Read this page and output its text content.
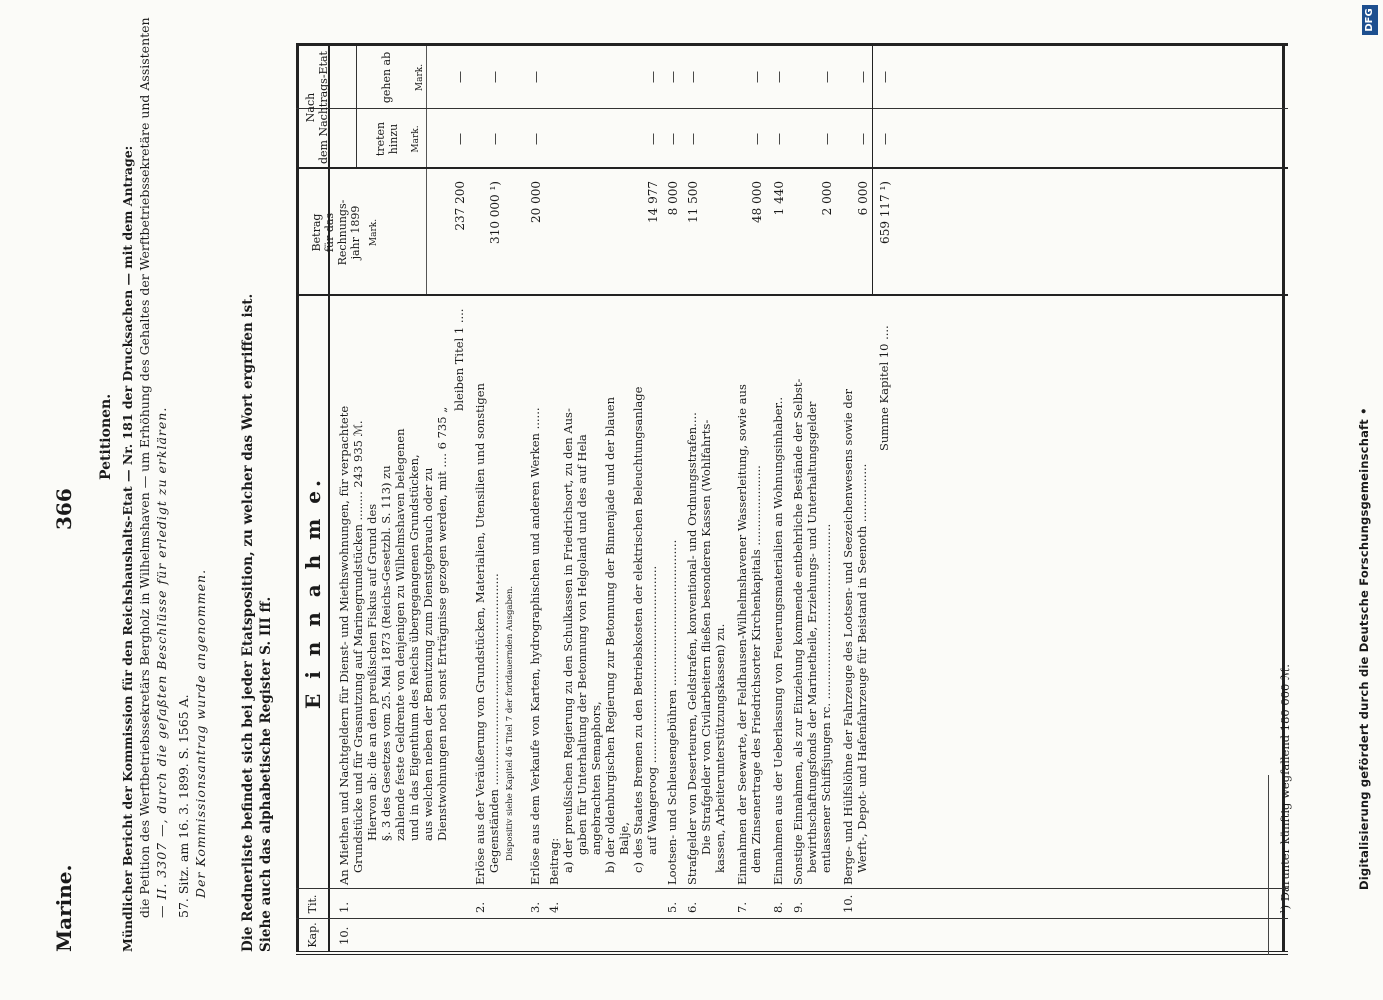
Marine.
366
Petitionen. Mündlicher Bericht der Kommission für den Reichshaushalts-Etat — Nr. 181 der Drucksachen — mit dem Antrage: die Petition des Werftbetriebssekretärs Bergholz in Wilhelmshaven — um Erhöhung des Gehaltes der Werftbetriebssekretäre und Assistenten — II. 3307 —, durch die gefaßten Beschlüsse für erledigt zu erklären. 57. Sitz. am 16. 3. 1899. S. 1565 A. Der Kommissionsantrag wurde angenommen. Die Rednerliste befindet sich bei jeder Etatsposition, zu welcher das Wort ergriffen ist. Siehe auch das alphabetische Register S. III ff.	Kap.
Tit.
E i n n a h m e.
Betrag für das Rechnungs- jahr 1899 Mark.
Nach dem Nachtrags-Etat	treten hinzu Mark.
gehen ab Mark.
10.
1.
An Miethen und Nachtgeldern für Dienst- und Miethswohnungen, für verpachtete Grundstücke und für Grasnutzung auf Marinegrundstücken ........ 243 935 ℳ. Hiervon ab: die an den preußischen Fiskus auf Grund des §. 3 des Gesetzes vom 25. Mai 1873 (Reichs-Gesetzbl. S. 113) zu zahlende feste Geldrente von denjenigen zu Wilhelmshaven belegenen und in das Eigenthum des Reichs übergegangenen Grundstücken, aus welchen neben der Benutzung zum Dienstgebrauch oder zu Dienstwohnungen noch sonst Erträgnisse gezogen werden, mit .... 6 735 „
bleiben Titel 1 ....
237 200
—
—
2.
Erlöse aus der Veräußerung von Grundstücken, Materialien, Utensilien und sonstigen Gegenständen .......................................................... Dispositiv siehe Kapitel 46 Titel 7 der fortdauernden Ausgaben.
310 000 ¹)
—
—
3.
Erlöse aus dem Verkaufe von Karten, hydrographischen und anderen Werken ......
20 000
—
—
4.
Beitrag: a) der preußischen Regierung zu den Schulkassen in Friedrichsort, zu den Aus- gaben für Unterhaltung der Betonnung von Helgoland und des auf Hela angebrachten Semaphors, b) der oldenburgischen Regierung zur Betonnung der Binnenjade und der blauen Balje, c) des Staates Bremen zu den Betriebskosten der elektrischen Beleuchtungsanlage auf Wangeroog ......................................................
14 977
—
—
5.
Lootsen- und Schleusengebühren ........................................
8 000
—
—
6.
Strafgelder von Deserteuren, Geldstrafen, konventional- und Ordnungsstrafen.... Die Strafgelder von Civilarbeitern fließen besonderen Kassen (Wohlfahrts- kassen, Arbeiterunterstützungskassen) zu.
11 500
—
—
7.
Einnahmen der Seewarte, der Feldhausen-Wilhelmshavener Wasserleitung, sowie aus dem Zinsenertrage des Friedrichsorter Kirchenkapitals ......................
48 000
—
—
8.
Einnahmen aus der Ueberlassung von Feuerungsmaterialien an Wohnungsinhaber..
1 440
—
—
9.
Sonstige Einnahmen, als zur Einziehung kommende entbehrliche Bestände der Selbst- bewirthschaftungsfonds der Marinetheile, Erziehungs- und Unterhaltungsgelder entlassener Schiffsjungen rc. ................................................
2 000
—
—
10.
Berge- und Hülfslöhne der Fahrzeuge des Lootsen- und Seezeichenwesens sowie der Werft-, Depot- und Hafenfahrzeuge für Beistand in Seenoth ................
6 000
—
—
Summe Kapitel 10 ....
659 117 ¹)
—
—
¹) Darunter künftig wegfallend 180 000 ℳ.	Digitalisierung gefördert durch die Deutsche Forschungsgemeinschaft •
DFG
